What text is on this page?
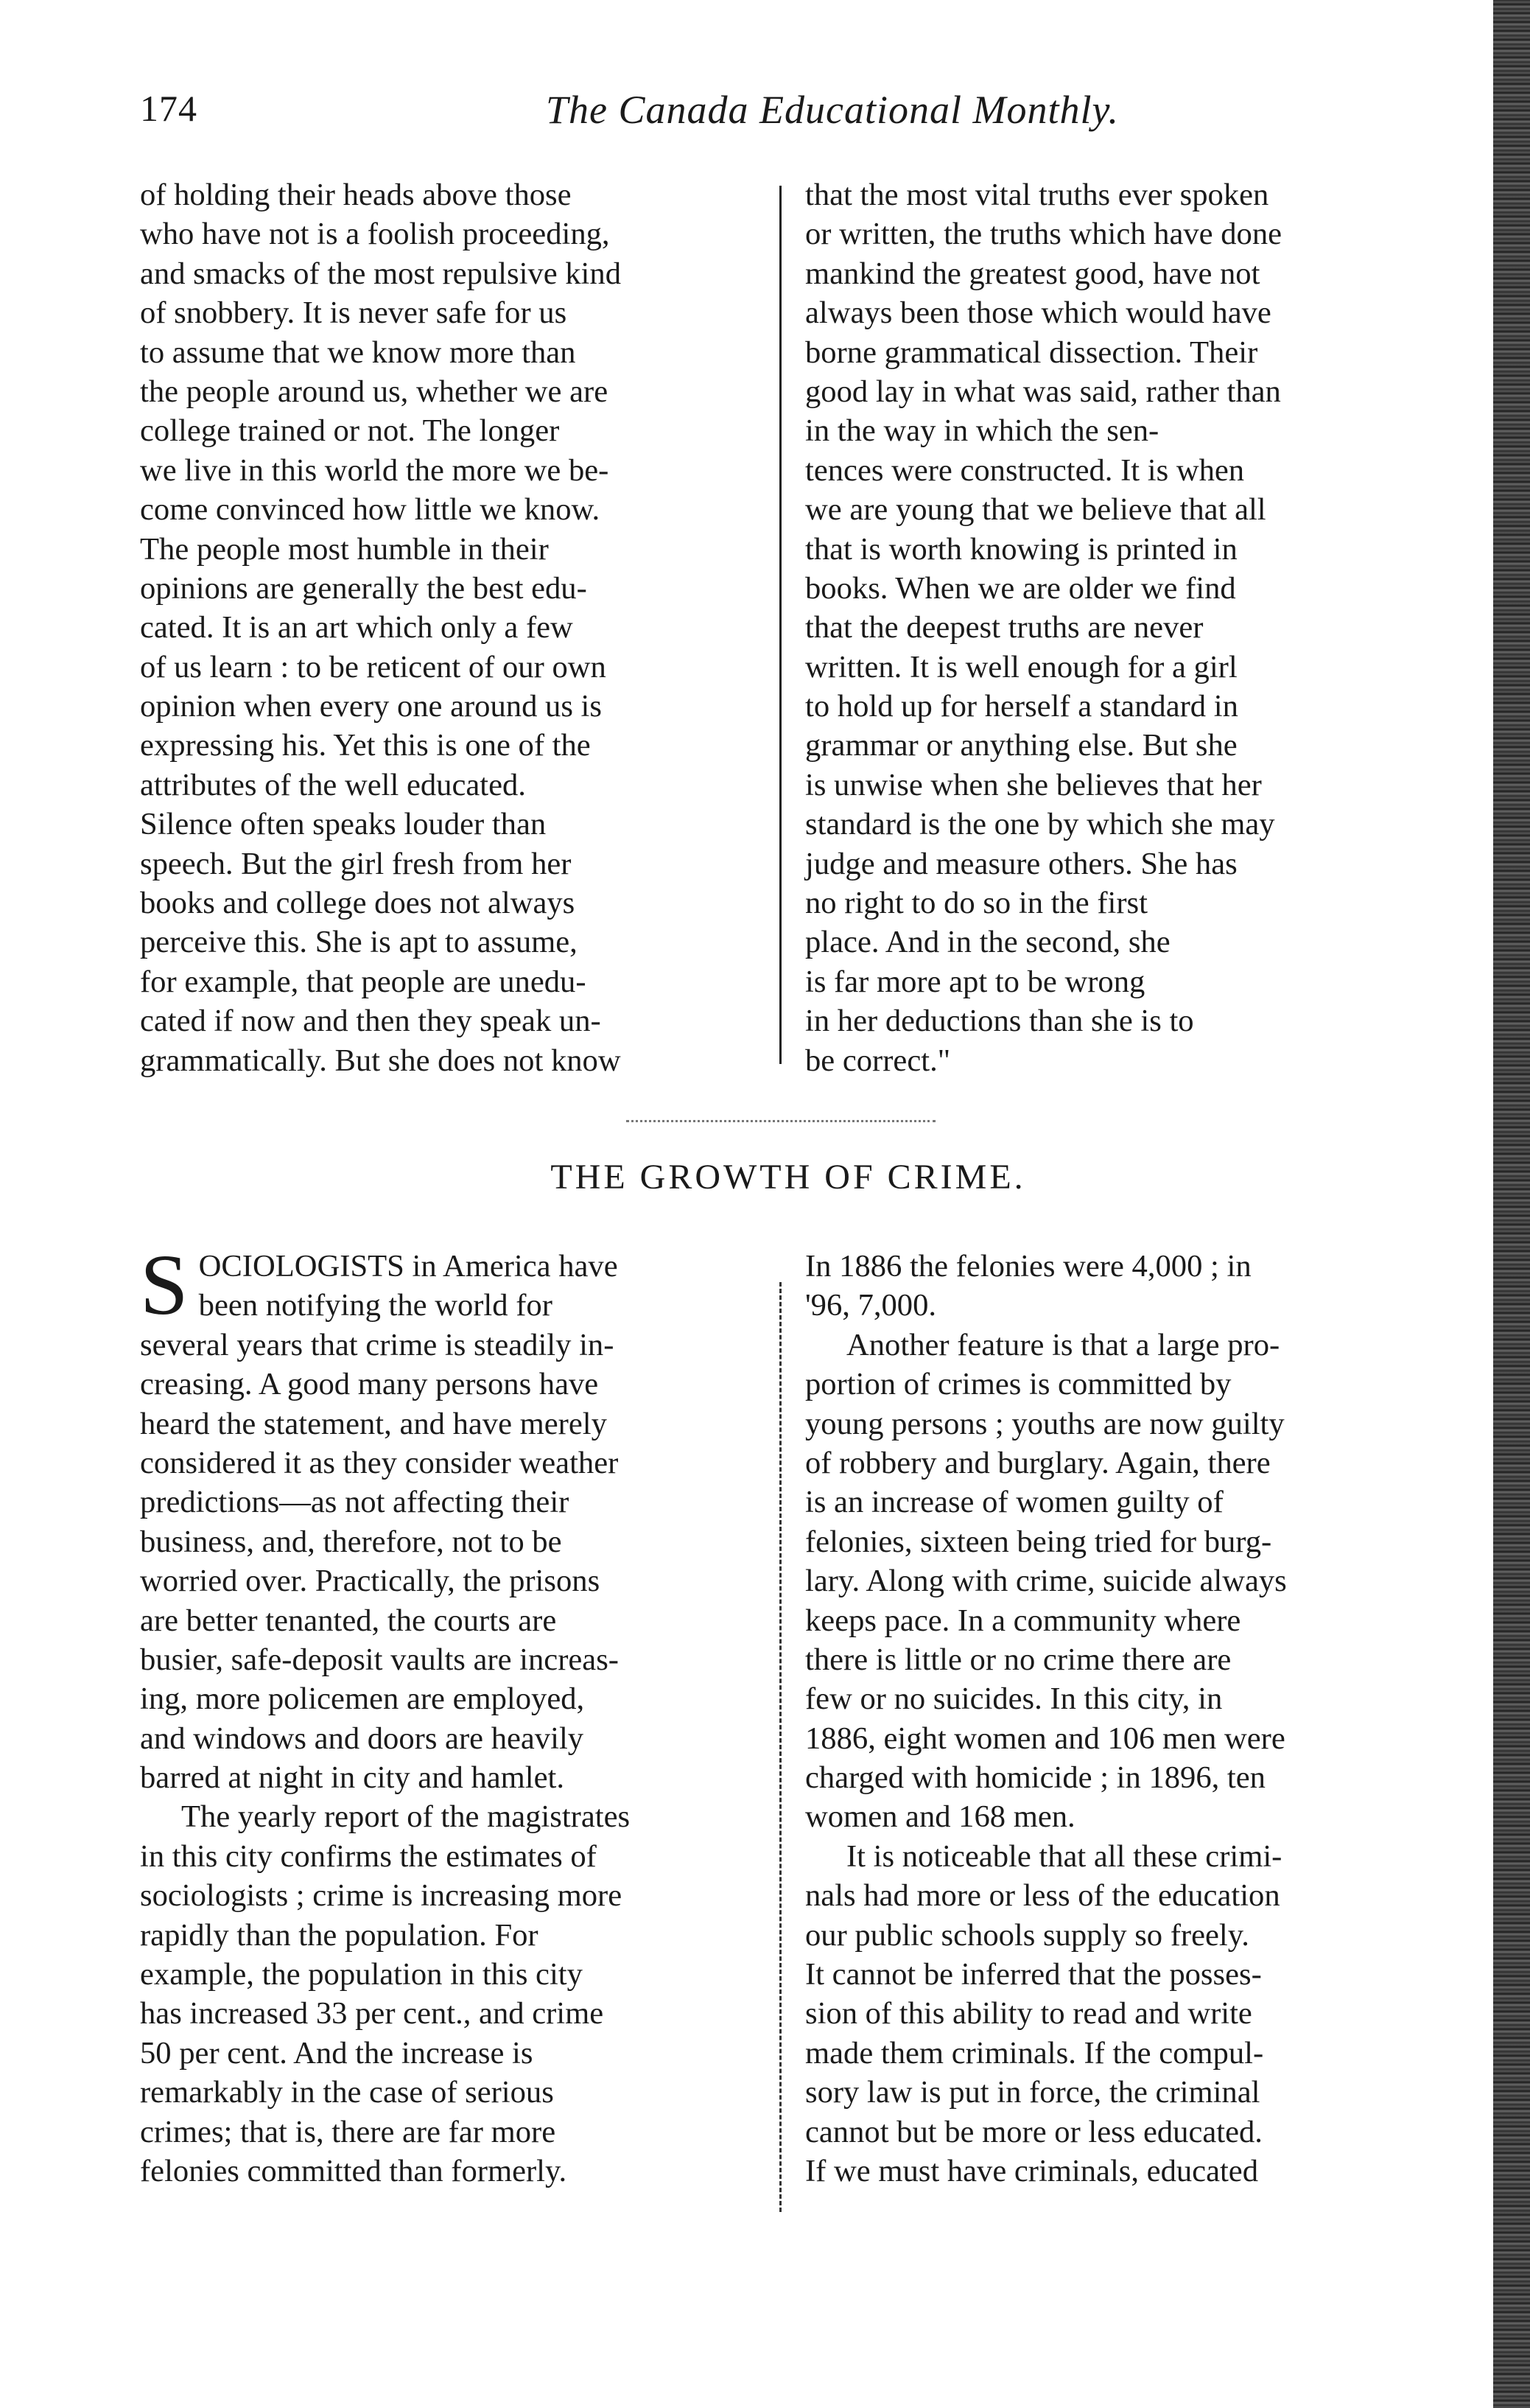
174	The Canada Educational Monthly.
of holding their heads above those
who have not is a foolish proceeding,
and smacks of the most repulsive kind
of snobbery. It is never safe for us
to assume that we know more than
the people around us, whether we are
college trained or not. The longer
we live in this world the more we be-
come convinced how little we know.
The people most humble in their
opinions are generally the best edu-
cated. It is an art which only a few
of us learn : to be reticent of our own
opinion when every one around us is
expressing his. Yet this is one of the
attributes of the well educated.
Silence often speaks louder than
speech. But the girl fresh from her
books and college does not always
perceive this. She is apt to assume,
for example, that people are unedu-
cated if now and then they speak un-
grammatically. But she does not know
that the most vital truths ever spoken
or written, the truths which have done
mankind the greatest good, have not
always been those which would have
borne grammatical dissection. Their
good lay in what was said, rather than
in the way in which the sen-
tences were constructed. It is when
we are young that we believe that all
that is worth knowing is printed in
books. When we are older we find
that the deepest truths are never
written. It is well enough for a girl
to hold up for herself a standard in
grammar or anything else. But she
is unwise when she believes that her
standard is the one by which she may
judge and measure others. She has
no right to do so in the first
place. And in the second, she
is far more apt to be wrong
in her deductions than she is to
be correct."
THE GROWTH OF CRIME.
S OCIOLOGISTS in America have
been notifying the world for
several years that crime is steadily in-
creasing. A good many persons have
heard the statement, and have merely
considered it as they consider weather
predictions—as not affecting their
business, and, therefore, not to be
worried over. Practically, the prisons
are better tenanted, the courts are
busier, safe-deposit vaults are increas-
ing, more policemen are employed,
and windows and doors are heavily
barred at night in city and hamlet.
The yearly report of the magistrates
in this city confirms the estimates of
sociologists ; crime is increasing more
rapidly than the population. For
example, the population in this city
has increased 33 per cent., and crime
50 per cent. And the increase is
remarkably in the case of serious
crimes; that is, there are far more
felonies committed than formerly.
In 1886 the felonies were 4,000 ; in
'96, 7,000.
Another feature is that a large pro-
portion of crimes is committed by
young persons ; youths are now guilty
of robbery and burglary. Again, there
is an increase of women guilty of
felonies, sixteen being tried for burg-
lary. Along with crime, suicide always
keeps pace. In a community where
there is little or no crime there are
few or no suicides. In this city, in
1886, eight women and 106 men were
charged with homicide ; in 1896, ten
women and 168 men.
It is noticeable that all these crimi-
nals had more or less of the education
our public schools supply so freely.
It cannot be inferred that the posses-
sion of this ability to read and write
made them criminals. If the compul-
sory law is put in force, the criminal
cannot but be more or less educated.
If we must have criminals, educated
